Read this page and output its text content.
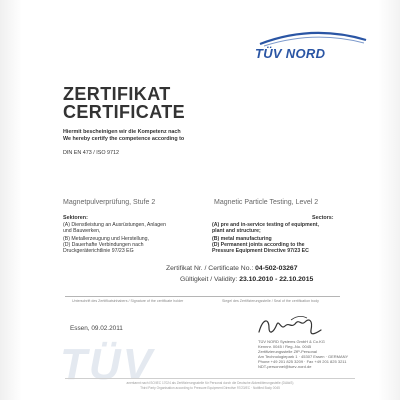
TÜV NORD
ZERTIFIKAT
CERTIFICATE
Hiermit bescheinigen wir die Kompetenz nach
We hereby certify the competence according to
DIN EN 473 / ISO 9712
Magnetpulverprüfung, Stufe 2	Magnetic Particle Testing, Level 2
Sektoren:
(A) Dienstleistung an Ausrüstungen, Anlagen
und Bauwerken,
(B) Metallerzeugung und Herstellung,
(D) Dauerhafte Verbindungen nach
Druckgeräterichtlinie 97/23 EG
Sectors:
(A) pre and in-service testing of equipment,
plant and structure;
(B) metal manufacturing
(D) Permanent joints according to the
Pressure Equipment Directive 97/23 EC
Zertifikat Nr. / Certificate No.: 04-502-03267
Gültigkeit / Validity: 23.10.2010 - 22.10.2015
Unterschrift des Zertifikatsinhabers / Signature of the certificate holder	Siegel des Zertifizierungsstelle / Seal of the certification body
TÜV
Essen, 09.02.2011
TÜV NORD Systems GmbH & Co.KG
Kennnr. 0045 / Reg.-No. 0045
Zertifizierungsstelle ZfP-Personal
Am Technologiepark 1 · 45307 Essen · GERMANY
Phone +49 201 825 3209 · Fax +49 201 825 3211
NDT-personnel@tuev-nord.de
anerkannt nach ISO/IEC 17024 als Zertifizierungsstelle für Personal durch die Deutsche Akkreditierungsstelle (DAkkS)
Third Party Organisation according to Pressure Equipment Directive 97/23/EC · Notified Body 0045
